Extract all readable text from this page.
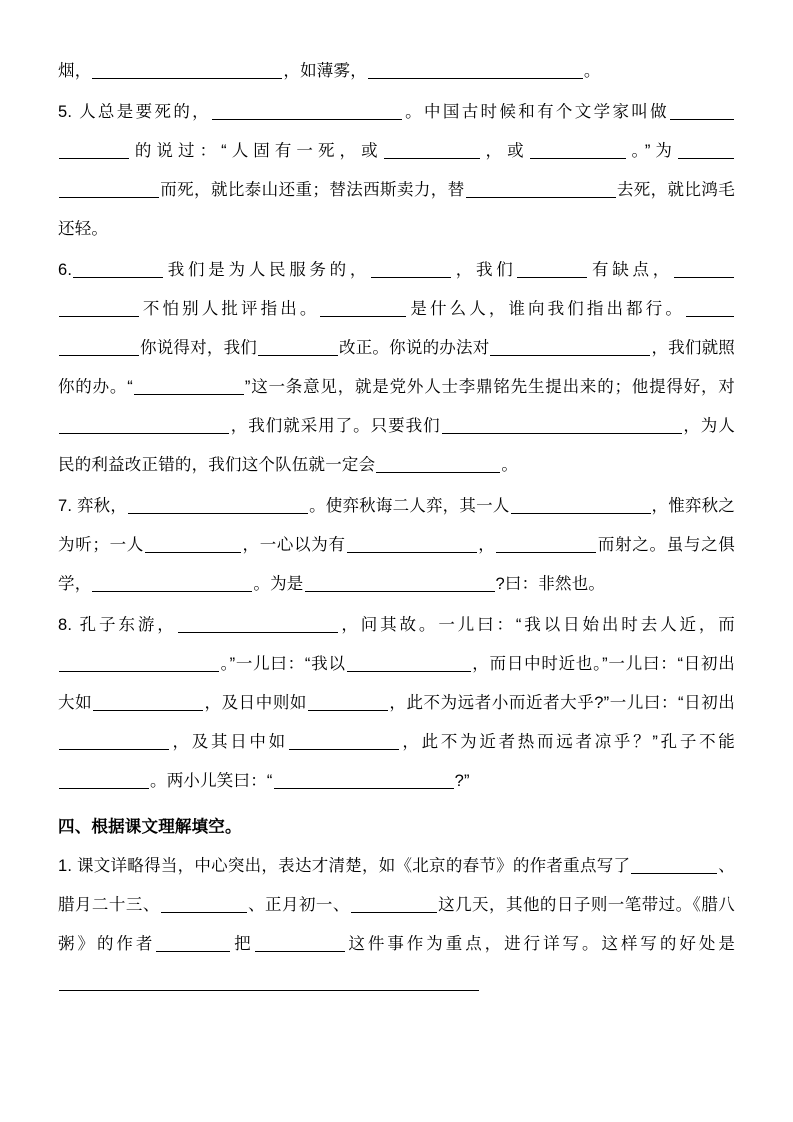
烟，	，如薄雾，	。

5. 人总是要死的，	。中国古时候和有个文学家叫做的说过：“人固有一死，或	，或	。”为而死，就比泰山还重；替法西斯卖力，替	去死，就比鸿毛还轻。

6.	我们是为人民服务的，	，我们	有缺点，不怕别人批评指出。	是什么人，谁向我们指出都行。你说得对，我们	改正。你说的办法对	，我们就照你的办。“	”这一条意见，就是党外人士李鼎铭先生提出来的；他提得好，对，我们就采用了。只要我们	，为人民的利益改正错的，我们这个队伍就一定会	。

7. 弈秋，	。使弈秋诲二人弈，其一人	，惟弈秋之为听；一人	，一心以为有	，	而射之。虽与之俱学，	。为是	?曰：非然也。

8. 孔子东游，	，问其故。一儿曰：“我以日始出时去人近，而。”一儿曰：“我以	，而日中时近也。”一儿曰：“日初出大如	，及日中则如	，此不为远者小而近者大乎?”一儿曰：“日初出，及其日中如	，此不为近者热而远者凉乎？”孔子不能。两小儿笑曰：“	?”

四、根据课文理解填空。

1. 课文详略得当，中心突出，表达才清楚，如《北京的春节》的作者重点写了	、腊月二十三、	、正月初一、	这几天，其他的日子则一笔带过。《腊八粥》的作者	把	这件事作为重点，进行详写。这样写的好处是
